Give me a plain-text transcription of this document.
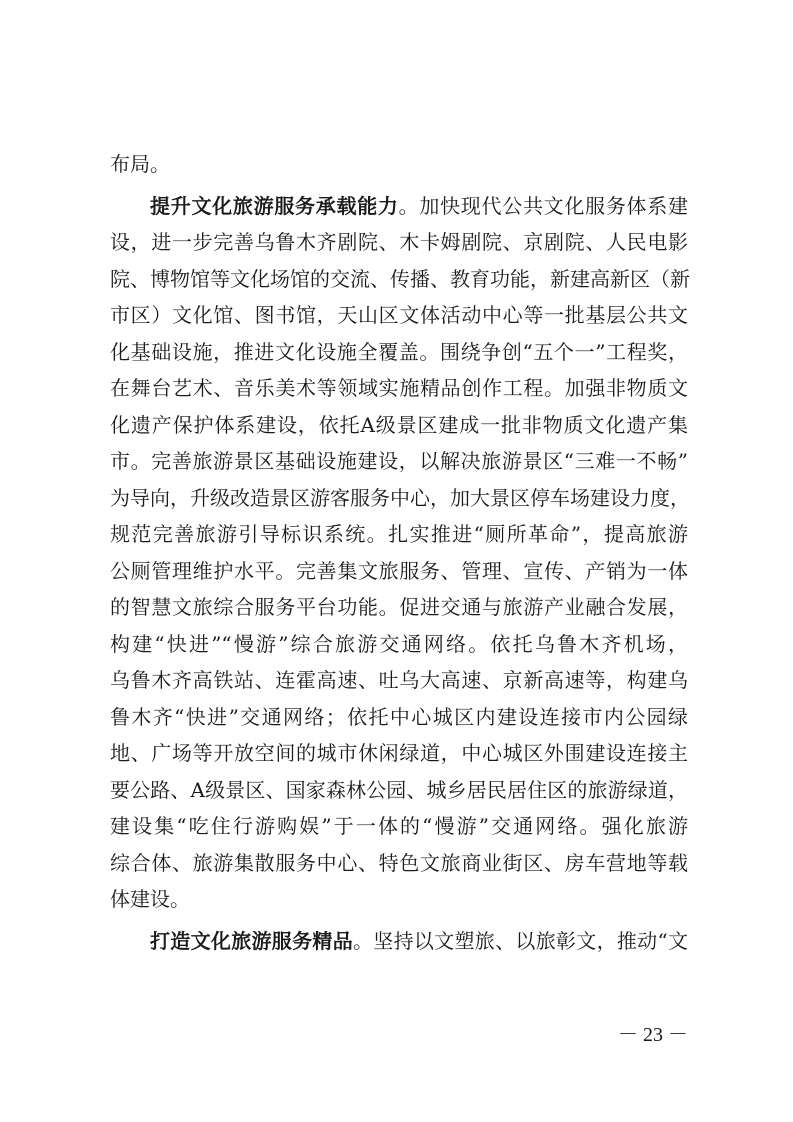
布局。
提升文化旅游服务承载能力。加快现代公共文化服务体系建
设，进一步完善乌鲁木齐剧院、木卡姆剧院、京剧院、人民电影
院、博物馆等文化场馆的交流、传播、教育功能，新建高新区（新
市区）文化馆、图书馆，天山区文体活动中心等一批基层公共文
化基础设施，推进文化设施全覆盖。围绕争创“五个一”工程奖，
在舞台艺术、音乐美术等领域实施精品创作工程。加强非物质文
化遗产保护体系建设，依托A级景区建成一批非物质文化遗产集
市。完善旅游景区基础设施建设，以解决旅游景区“三难一不畅”
为导向，升级改造景区游客服务中心，加大景区停车场建设力度，
规范完善旅游引导标识系统。扎实推进“厕所革命”，提高旅游
公厕管理维护水平。完善集文旅服务、管理、宣传、产销为一体
的智慧文旅综合服务平台功能。促进交通与旅游产业融合发展，
构建“快进”“慢游”综合旅游交通网络。依托乌鲁木齐机场，
乌鲁木齐高铁站、连霍高速、吐乌大高速、京新高速等，构建乌
鲁木齐“快进”交通网络；依托中心城区内建设连接市内公园绿
地、广场等开放空间的城市休闲绿道，中心城区外围建设连接主
要公路、A级景区、国家森林公园、城乡居民居住区的旅游绿道，
建设集“吃住行游购娱”于一体的“慢游”交通网络。强化旅游
综合体、旅游集散服务中心、特色文旅商业街区、房车营地等载
体建设。
打造文化旅游服务精品。坚持以文塑旅、以旅彰文，推动“文
－ 23 －
